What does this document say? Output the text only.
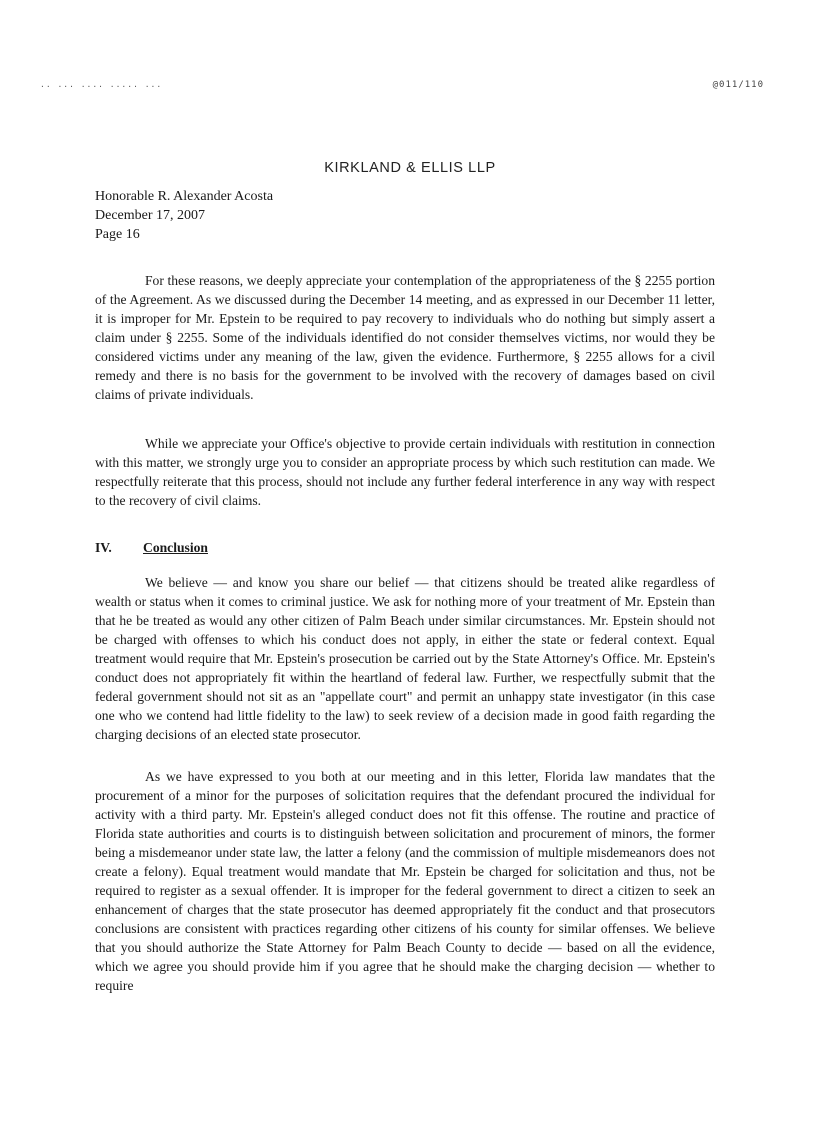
·· ··· ···· ····· ···	@011/110
KIRKLAND & ELLIS LLP
Honorable R. Alexander Acosta
December 17, 2007
Page 16

For these reasons, we deeply appreciate your contemplation of the appropriateness of the § 2255 portion of the Agreement. As we discussed during the December 14 meeting, and as expressed in our December 11 letter, it is improper for Mr. Epstein to be required to pay recovery to individuals who do nothing but simply assert a claim under § 2255. Some of the individuals identified do not consider themselves victims, nor would they be considered victims under any meaning of the law, given the evidence. Furthermore, § 2255 allows for a civil remedy and there is no basis for the government to be involved with the recovery of damages based on civil claims of private individuals.

While we appreciate your Office's objective to provide certain individuals with restitution in connection with this matter, we strongly urge you to consider an appropriate process by which such restitution can made. We respectfully reiterate that this process, should not include any further federal interference in any way with respect to the recovery of civil claims.

IV. Conclusion

We believe — and know you share our belief — that citizens should be treated alike regardless of wealth or status when it comes to criminal justice. We ask for nothing more of your treatment of Mr. Epstein than that he be treated as would any other citizen of Palm Beach under similar circumstances. Mr. Epstein should not be charged with offenses to which his conduct does not apply, in either the state or federal context. Equal treatment would require that Mr. Epstein's prosecution be carried out by the State Attorney's Office. Mr. Epstein's conduct does not appropriately fit within the heartland of federal law. Further, we respectfully submit that the federal government should not sit as an "appellate court" and permit an unhappy state investigator (in this case one who we contend had little fidelity to the law) to seek review of a decision made in good faith regarding the charging decisions of an elected state prosecutor.

As we have expressed to you both at our meeting and in this letter, Florida law mandates that the procurement of a minor for the purposes of solicitation requires that the defendant procured the individual for activity with a third party. Mr. Epstein's alleged conduct does not fit this offense. The routine and practice of Florida state authorities and courts is to distinguish between solicitation and procurement of minors, the former being a misdemeanor under state law, the latter a felony (and the commission of multiple misdemeanors does not create a felony). Equal treatment would mandate that Mr. Epstein be charged for solicitation and thus, not be required to register as a sexual offender. It is improper for the federal government to direct a citizen to seek an enhancement of charges that the state prosecutor has deemed appropriately fit the conduct and that prosecutors conclusions are consistent with practices regarding other citizens of his county for similar offenses. We believe that you should authorize the State Attorney for Palm Beach County to decide — based on all the evidence, which we agree you should provide him if you agree that he should make the charging decision — whether to require
